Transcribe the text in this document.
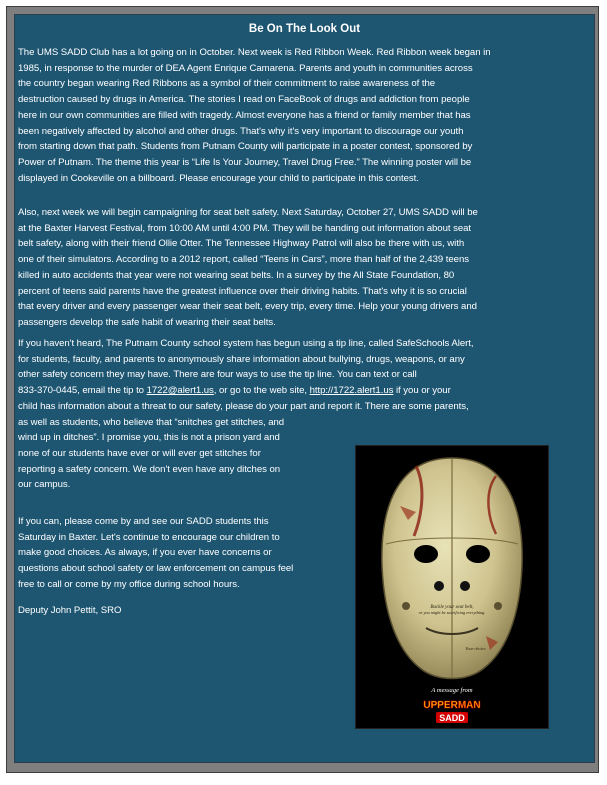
Be On The Look Out

The UMS SADD Club has a lot going on in October. Next week is Red Ribbon Week. Red Ribbon week began in
1985, in response to the murder of DEA Agent Enrique Camarena. Parents and youth in communities across
the country began wearing Red Ribbons as a symbol of their commitment to raise awareness of the
destruction caused by drugs in America. The stories I read on FaceBook of drugs and addiction from people
here in our own communities are filled with tragedy. Almost everyone has a friend or family member that has
been negatively affected by alcohol and other drugs. That's why it's very important to discourage our youth
from starting down that path. Students from Putnam County will participate in a poster contest, sponsored by
Power of Putnam. The theme this year is “Life Is Your Journey, Travel Drug Free.” The winning poster will be
displayed in Cookeville on a billboard. Please encourage your child to participate in this contest.

Also, next week we will begin campaigning for seat belt safety. Next Saturday, October 27, UMS SADD will be
at the Baxter Harvest Festival, from 10:00 AM until 4:00 PM. They will be handing out information about seat
belt safety, along with their friend Ollie Otter. The Tennessee Highway Patrol will also be there with us, with
one of their simulators. According to a 2012 report, called “Teens in Cars”, more than half of the 2,439 teens
killed in auto accidents that year were not wearing seat belts. In a survey by the All State Foundation, 80
percent of teens said parents have the greatest influence over their driving habits. That's why it is so crucial
that every driver and every passenger wear their seat belt, every trip, every time. Help your young drivers and
passengers develop the safe habit of wearing their seat belts.

If you haven't heard, The Putnam County school system has begun using a tip line, called SafeSchools Alert,
for students, faculty, and parents to anonymously share information about bullying, drugs, weapons, or any
other safety concern they may have. There are four ways to use the tip line. You can text or call
833-370-0445, email the tip to 1722@alert1.us, or go to the web site, http://1722.alert1.us if you or your
child has information about a threat to our safety, please do your part and report it. There are some parents,
as well as students, who believe that “snitches get stitches, and
wind up in ditches”. I promise you, this is not a prison yard and
none of our students have ever or will ever get stitches for
reporting a safety concern. We don't even have any ditches on
our campus.

If you can, please come by and see our SADD students this
Saturday in Baxter. Let's continue to encourage our children to
make good choices. As always, if you ever have concerns or
questions about school safety or law enforcement on campus feel
free to call or come by my office during school hours.

Deputy John Pettit, SRO	Buckle your seat belt,
or you might be sacrificing everything.
Your choice.
A message from
UPPERMAN
SADD
